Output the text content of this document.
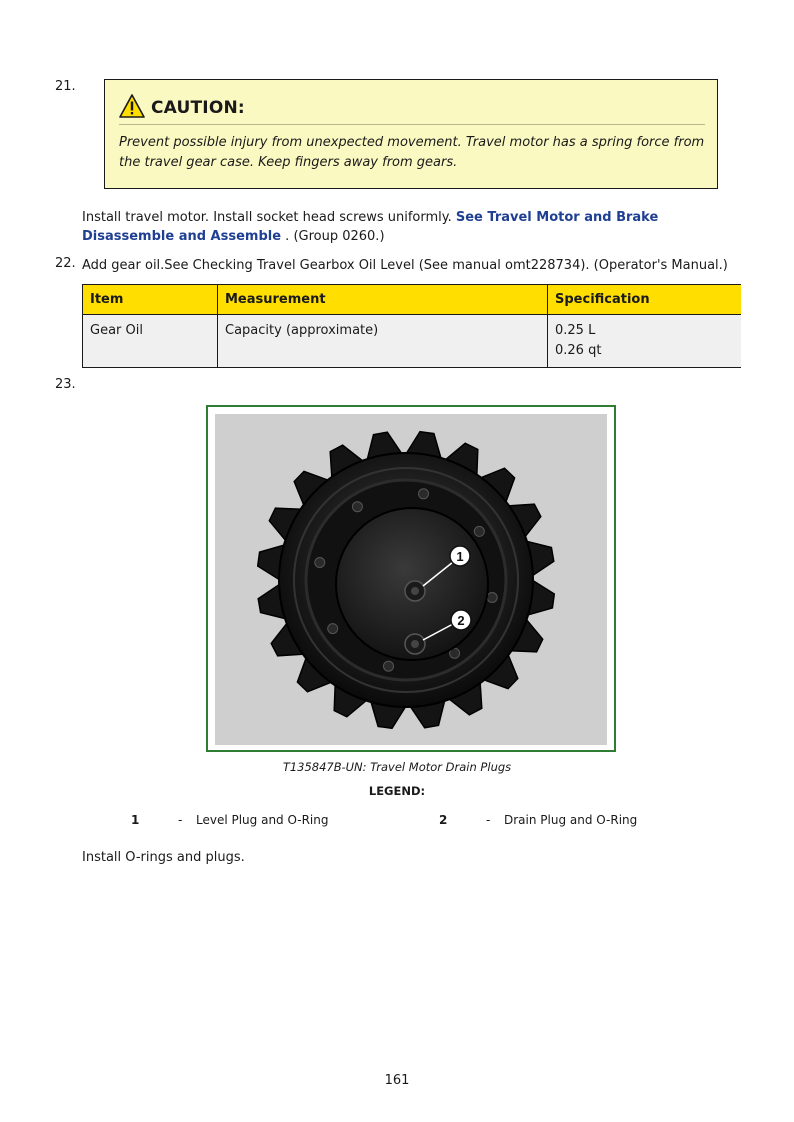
21.
CAUTION:
Prevent possible injury from unexpected movement. Travel motor has a spring force from the travel gear case. Keep fingers away from gears.
Install travel motor. Install socket head screws uniformly. See Travel Motor and Brake Disassemble and Assemble . (Group 0260.)
22. Add gear oil.See Checking Travel Gearbox Oil Level (See manual omt228734). (Operator's Manual.)
Item	Measurement	Specification
Gear Oil	Capacity (approximate)	0.25 L
0.26 qt
23.
1
2
T135847B-UN: Travel Motor Drain Plugs
LEGEND:
1	- Level Plug and O-Ring	2	- Drain Plug and O-Ring
Install O-rings and plugs.
161
